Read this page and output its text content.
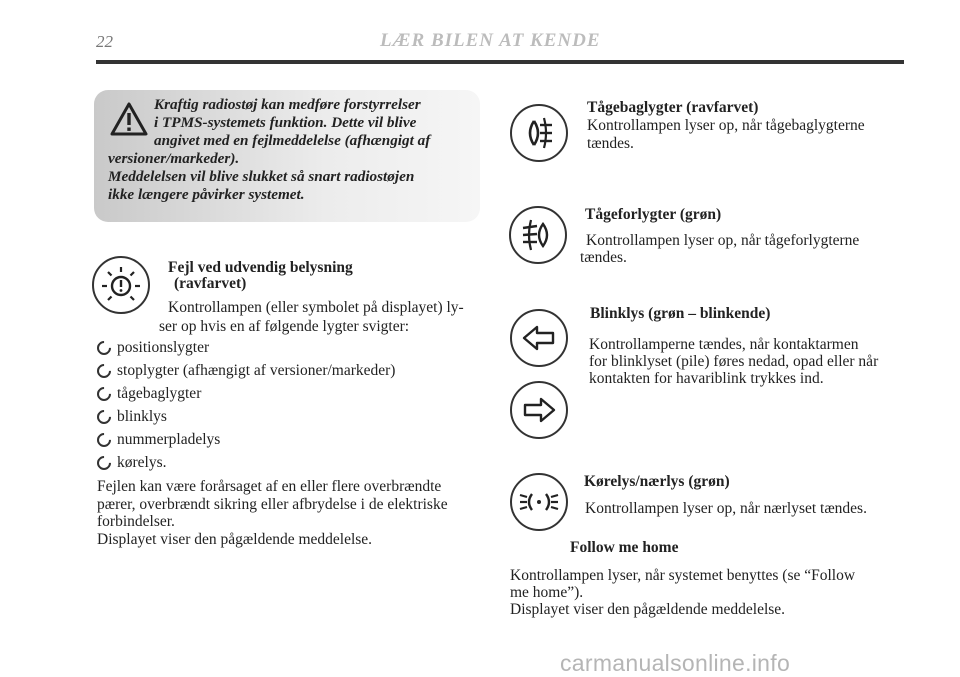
22	LÆR BILEN AT KENDE
Kraftig radiostøj kan medføre forstyrrelser
i TPMS-systemets funktion. Dette vil blive
angivet med en fejlmeddelelse (afhængigt af
versioner/markeder).
Meddelelsen vil blive slukket så snart radiostøjen
ikke længere påvirker systemet.
Fejl ved udvendig belysning
(ravfarvet)
Kontrollampen (eller symbolet på displayet) ly-
ser op hvis en af følgende lygter svigter:
positionslygter
stoplygter (afhængigt af versioner/markeder)
tågebaglygter
blinklys
nummerpladelys
kørelys.
Fejlen kan være forårsaget af en eller flere overbrændte
pærer, overbrændt sikring eller afbrydelse i de elektriske
forbindelser.
Displayet viser den pågældende meddelelse.
Tågebaglygter (ravfarvet)
Kontrollampen lyser op, når tågebaglygterne
tændes.
Tågeforlygter (grøn)
Kontrollampen lyser op, når tågeforlygterne
tændes.
Blinklys (grøn – blinkende)
Kontrollamperne tændes, når kontaktarmen
for blinklyset (pile) føres nedad, opad eller når
kontakten for havariblink trykkes ind.
Kørelys/nærlys (grøn)
Kontrollampen lyser op, når nærlyset tændes.
Follow me home
Kontrollampen lyser, når systemet benyttes (se “Follow
me home”).
Displayet viser den pågældende meddelelse.
carmanualsonline.info
